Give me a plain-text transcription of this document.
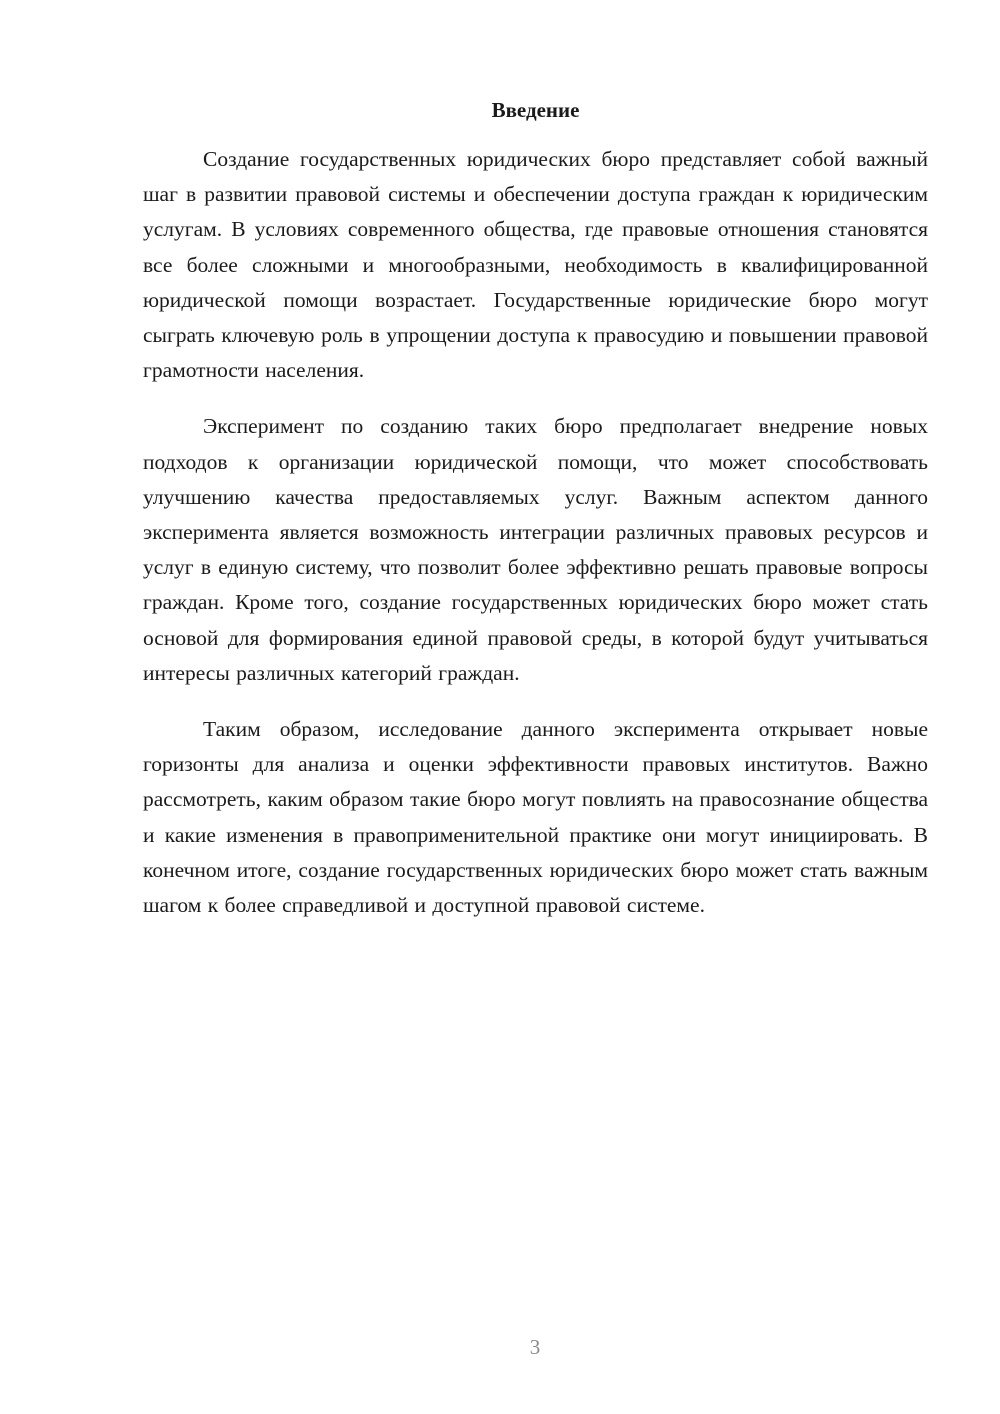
Введение

Создание государственных юридических бюро представляет собой важный шаг в развитии правовой системы и обеспечении доступа граждан к юридическим услугам. В условиях современного общества, где правовые отношения становятся все более сложными и многообразными, необходимость в квалифицированной юридической помощи возрастает. Государственные юридические бюро могут сыграть ключевую роль в упрощении доступа к правосудию и повышении правовой грамотности населения.

Эксперимент по созданию таких бюро предполагает внедрение новых подходов к организации юридической помощи, что может способствовать улучшению качества предоставляемых услуг. Важным аспектом данного эксперимента является возможность интеграции различных правовых ресурсов и услуг в единую систему, что позволит более эффективно решать правовые вопросы граждан. Кроме того, создание государственных юридических бюро может стать основой для формирования единой правовой среды, в которой будут учитываться интересы различных категорий граждан.

Таким образом, исследование данного эксперимента открывает новые горизонты для анализа и оценки эффективности правовых институтов. Важно рассмотреть, каким образом такие бюро могут повлиять на правосознание общества и какие изменения в правоприменительной практике они могут инициировать. В конечном итоге, создание государственных юридических бюро может стать важным шагом к более справедливой и доступной правовой системе.

3
